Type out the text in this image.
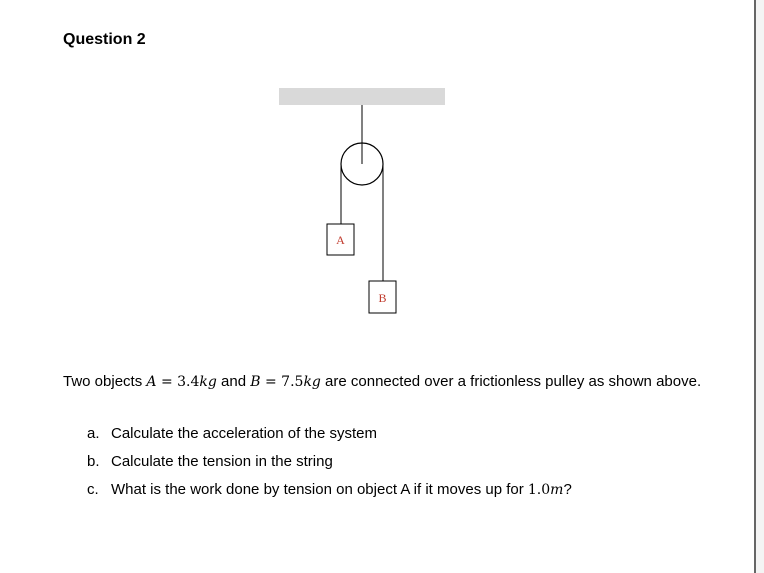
Question 2
A
B
Two objects A = 3.4kg and B = 7.5kg are connected over a frictionless pulley as shown above.
a. Calculate the acceleration of the system
b. Calculate the tension in the string
c. What is the work done by tension on object A if it moves up for 1.0m?
